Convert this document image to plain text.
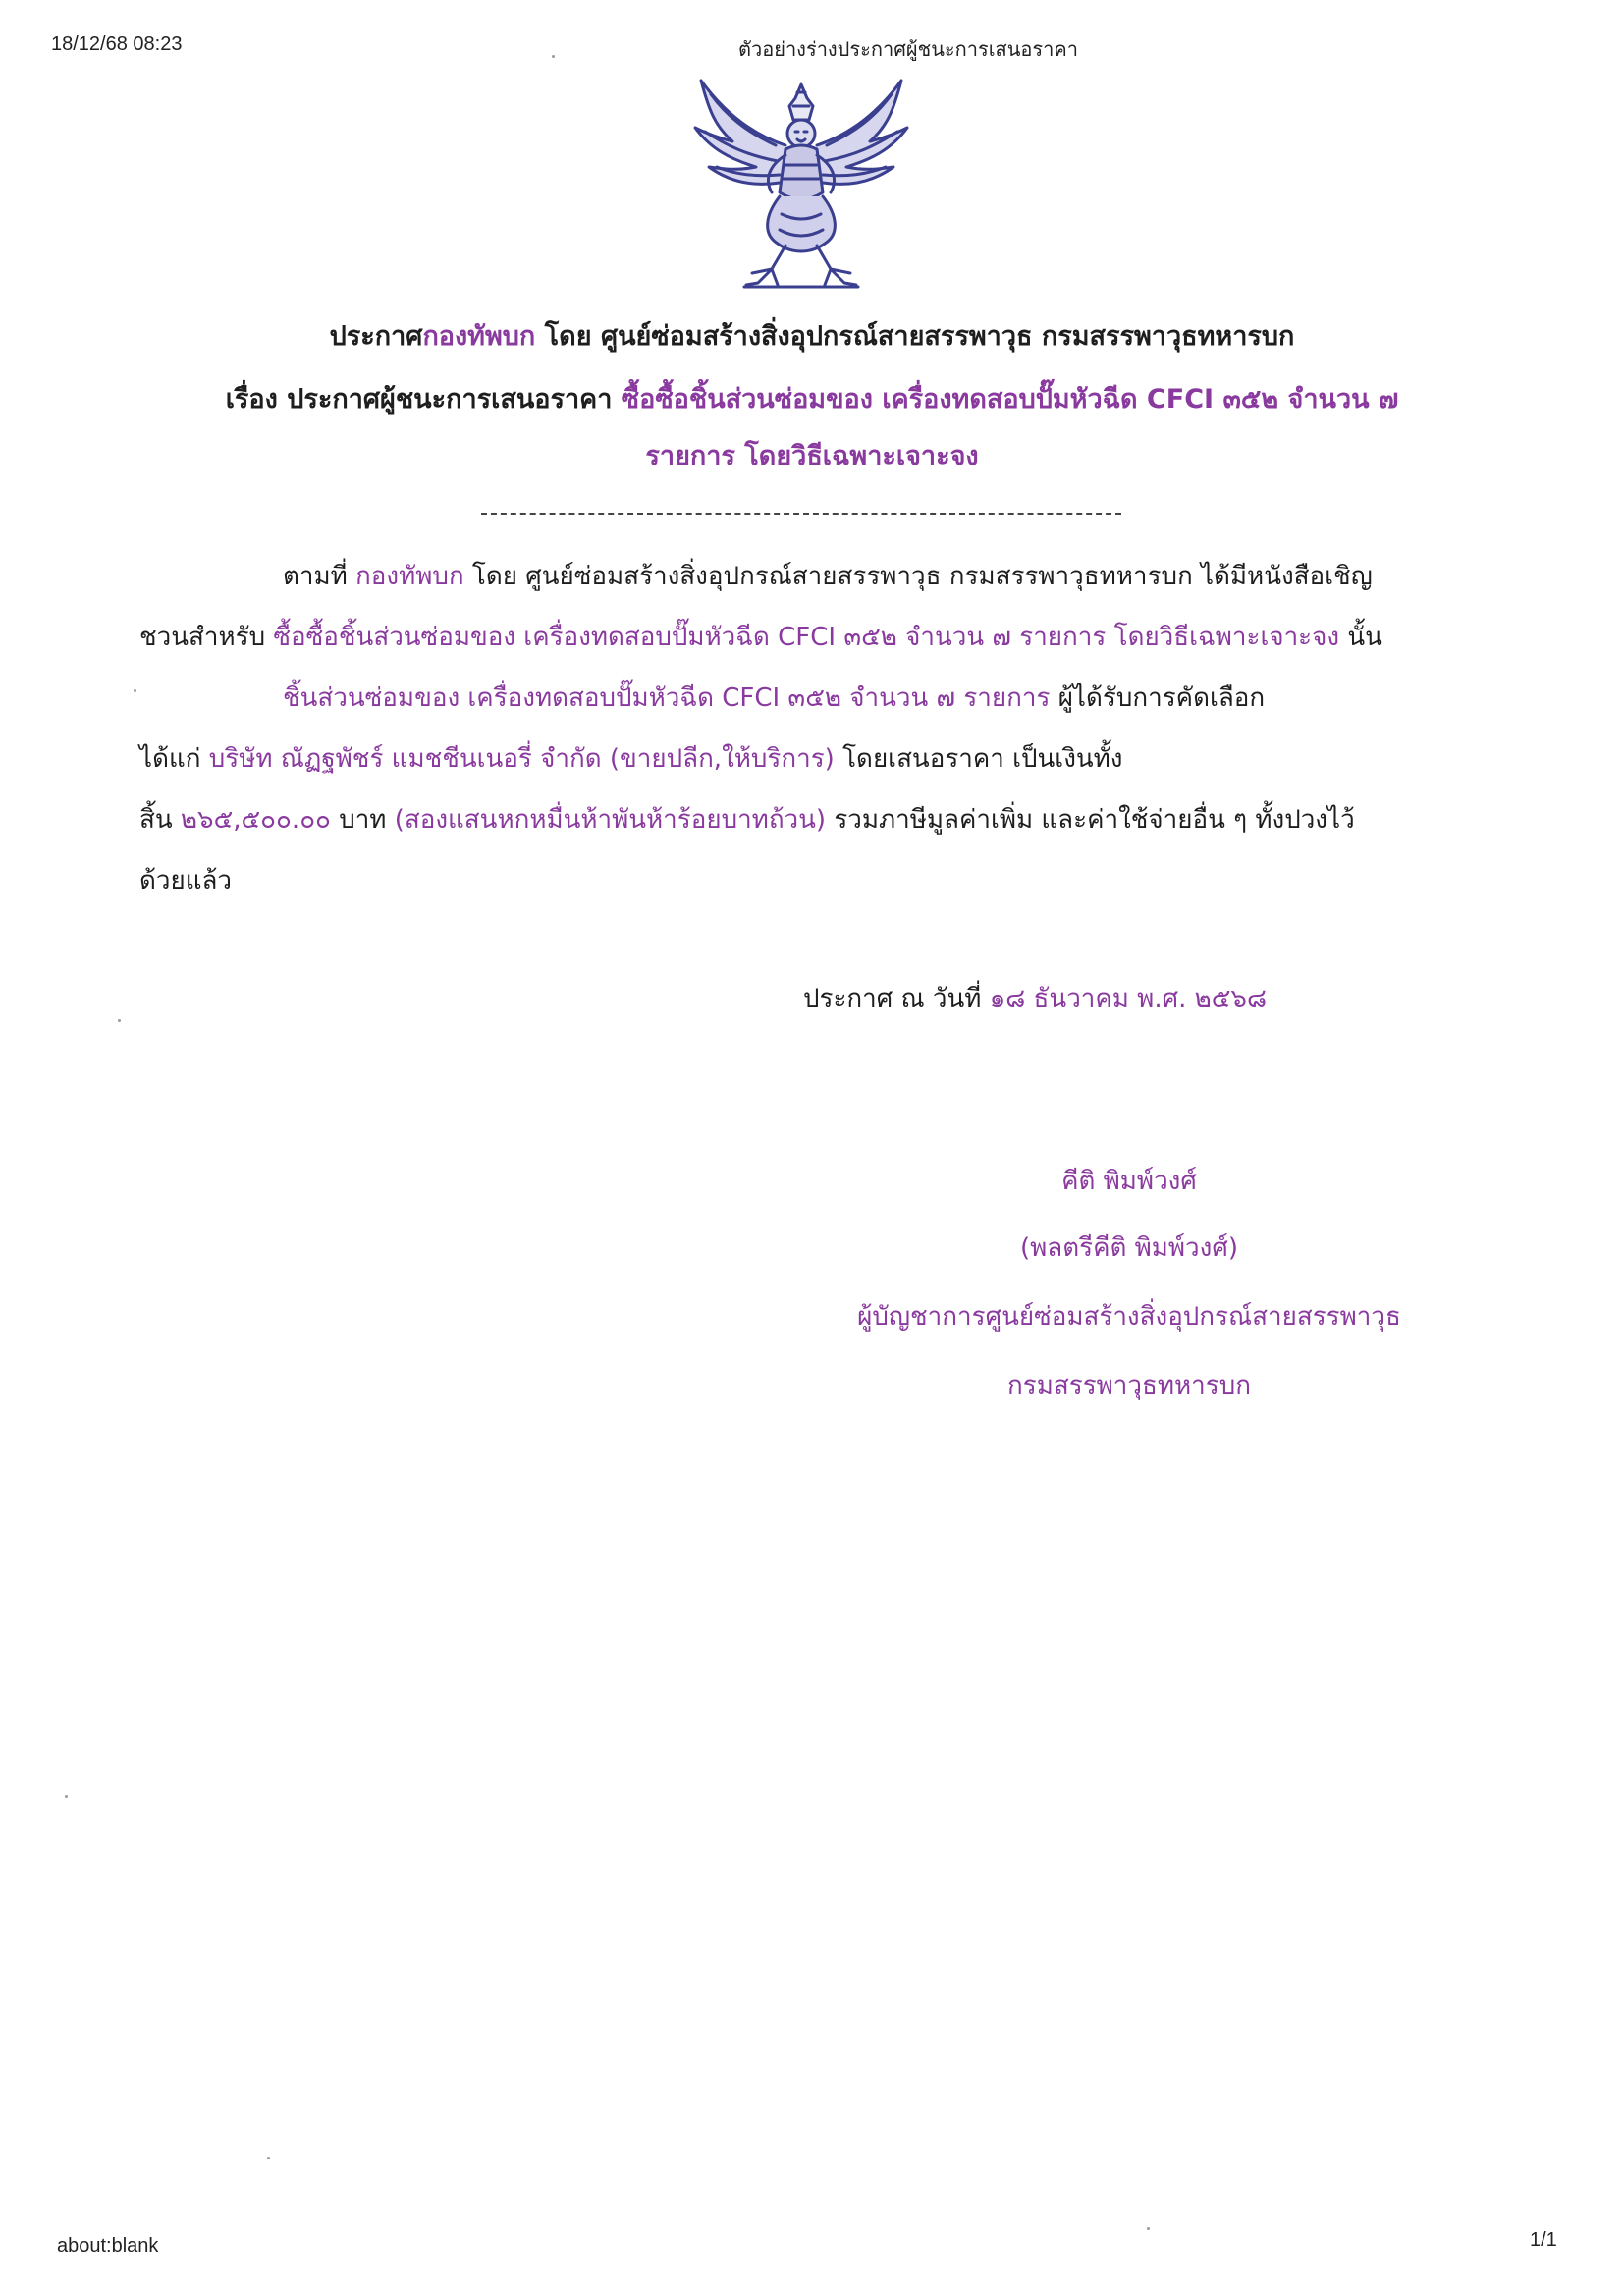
18/12/68 08:23	ตัวอย่างร่างประกาศผู้ชนะการเสนอราคา
ประกาศกองทัพบก โดย ศูนย์ซ่อมสร้างสิ่งอุปกรณ์สายสรรพาวุธ กรมสรรพาวุธทหารบก
เรื่อง ประกาศผู้ชนะการเสนอราคา ซื้อซื้อชิ้นส่วนซ่อมของ เครื่องทดสอบปั๊มหัวฉีด CFCI ๓๕๒ จำนวน ๗
รายการ โดยวิธีเฉพาะเจาะจง
ตามที่ กองทัพบก โดย ศูนย์ซ่อมสร้างสิ่งอุปกรณ์สายสรรพาวุธ กรมสรรพาวุธทหารบก ได้มีหนังสือเชิญ
ชวนสำหรับ ซื้อซื้อชิ้นส่วนซ่อมของ เครื่องทดสอบปั๊มหัวฉีด CFCI ๓๕๒ จำนวน ๗ รายการ โดยวิธีเฉพาะเจาะจง นั้น
ชิ้นส่วนซ่อมของ เครื่องทดสอบปั๊มหัวฉีด CFCI ๓๕๒ จำนวน ๗ รายการ ผู้ได้รับการคัดเลือก
ได้แก่ บริษัท ณัฏฐพัชร์ แมชชีนเนอรี่ จำกัด (ขายปลีก,ให้บริการ) โดยเสนอราคา เป็นเงินทั้ง
สิ้น ๒๖๕,๕๐๐.๐๐ บาท (สองแสนหกหมื่นห้าพันห้าร้อยบาทถ้วน) รวมภาษีมูลค่าเพิ่ม และค่าใช้จ่ายอื่น ๆ ทั้งปวงไว้
ด้วยแล้ว
ประกาศ ณ วันที่ ๑๘ ธันวาคม พ.ศ. ๒๕๖๘
คีติ พิมพ์วงศ์
(พลตรีคีติ พิมพ์วงศ์)
ผู้บัญชาการศูนย์ซ่อมสร้างสิ่งอุปกรณ์สายสรรพาวุธ
กรมสรรพาวุธทหารบก
about:blank	1/1
